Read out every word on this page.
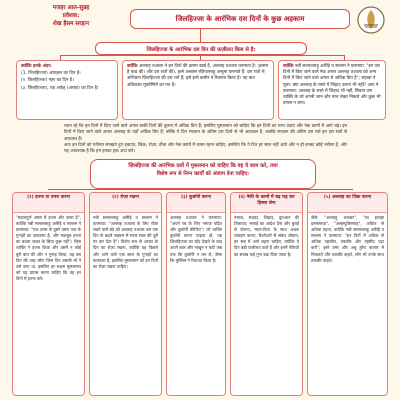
मजहर आल-सुन्नह
प्रवेशक:
शेख हैसम सरहान
जिलहिज्जा के आरंभिक दस दिनों के कुछ अहकाम
जिलहिज्जा के आरंभिक दस दिन की फ़ज़ीलत किस से है:

क्योंकि इनके अंदर:

(1. जिलहिज्जा) अफ़ज़ल का दिन है।

(२. जिलहिज्जा) नहर का दिन है।

(३. जिलहिज्जा), यह अर्फ़ह (अरफ़ा) का दिन है।

क्योंकि अल्लाह तआला ने इन दिनों की क़सम खाई है, अल्लाह तआला फ़रमाता है: (क़सम है फ़ज्र की। और दस रातों की), इब्ने अब्बास रज़ियल्लाहु अन्हुमा फ़रमाते हैं: दस रातों से अभिप्राय ज़िलहिज्जा की दस रातें हैं; इसे इब्ने कसीर ने रिवायत किया है। यह बात अधिकांश मुफ़स्सिरों का मत है।

क्योंकि नबी सल्लल्लाहु अलैहि व सल्लम ने फ़रमाया: "इन दस दिनों में किए जाने वाले नेक अमल अल्लाह तआला को अन्य दिनों में किए जाने वाले अमल से अधिक प्रिय है"; सहाबा ने पूछा: क्या अल्लाह के रास्ते में जिहाद करना भी नहीं? आप ने फ़रमाया: अल्लाह के रास्ते में जिहाद भी नहीं, सिवाय उस व्यक्ति के जो अपनी जान और माल लेकर निकले और कुछ भी वापस न लाए।

ध्यान रहे कि इन दिनों में किए जाने वाले अमल बाकी दिनों की तुलना में अधिक प्रिय हैं; इसलिए मुसलमान को चाहिए कि इन दिनों का लाभ उठाए और नेक कामों में आगे बढ़े। इन दिनों में किए जाने वाले अमल अल्लाह के यहाँ अधिक प्रिय हैं; बल्कि ये दिन रमज़ान के अंतिम दस दिनों से भी अफ़ज़ल हैं, जबकि रमज़ान की अंतिम दस रातें इन दस रातों से अफ़ज़ल हैं।
अतः इन दिनों को ग़नीमत समझते हुए इबादत, ज़िक्र, रोज़ा, तौबा और नेक कामों में व्यस्त रहना चाहिए, इसलिए कि ये दिन हर साल नहीं आते और न ही इनका कोई भरोसा है, और यह आवश्यक है कि हम इनका हक़ अदा करें।
ज़िलहिज्जा की आरंभिक दसों में मुसलमान को चाहिए कि वह ये काम करे, तथा
विशेष रूप से निम्न कार्यों को अंजाम देना चाहिए:
(१) हज्ज या उमरा करना
"महत्वपूर्ण अमल में हज्ज और उमरा है", क्योंकि नबी सल्लल्लाहु अलैहि व सल्लम ने फ़रमाया: "एक उमरा से दूसरे उमरा तक के गुनाहों का कफ़्फ़ारा है, और मक़बूल हज्ज का बदला जन्नत के सिवा कुछ नहीं"। जिस व्यक्ति ने हज्ज किया और उसमें न कोई बुरी बात की और न गुनाह किया, वह उस दिन की तरह लौटा जिस दिन उसकी माँ ने उसे जना था, इसलिए हर सक्षम मुसलमान को यह प्रयास करना चाहिए कि वह इन दिनों में हज्ज करे।
(२) रोज़ा रखना
नबी सल्लल्लाहु अलैहि व सल्लम ने फ़रमाया: "अल्लाह तआला के लिए रोज़ा रखने वाले बंदे को अल्लाह तआला उस एक दिन के बदले जहन्नम से सत्तर साल की दूरी पर कर देता है"। विशेष रूप से अरफ़ा के दिन का रोज़ा रखना, क्योंकि यह पिछले और आने वाले एक साल के गुनाहों का कफ़्फ़ारा है, इसलिए मुसलमान को इन दिनों का रोज़ा रखना चाहिए।
(३) क़ुर्बानी करना
अल्लाह तआला ने फ़रमाया: "अपने रब के लिए नमाज़ पढ़िए और क़ुर्बानी कीजिए"। जो व्यक्ति क़ुर्बानी करना चाहता हो, वह ज़िलहिज्जा का चाँद देखने के बाद अपने बाल और नाख़ून न काटे जब तक कि क़ुर्बानी न कर ले, जैसा कि मुस्लिम ने रिवायत किया है।
(४) नेकी के कामों में बढ़ चढ़ कर हिस्सा लेना
नमाज़, सदक़ा, जिहाद, क़ुरआन की तिलावत, भलाई का आदेश देना और बुराई से रोकना, माता-पिता के साथ अच्छा व्यवहार करना, रिश्तेदारों से संबंध जोड़ना, इन सब में आगे बढ़ना चाहिए, क्योंकि ये दिन बड़ी फ़ज़ीलत वाले हैं और इनमें नेकियों का सवाब कई गुना बढ़ा दिया जाता है।
(५) अल्लाह का ज़िक्र करना
जैसे: "अल्लाहु अकबर", "ला इलाहा इल्लल्लाह", "अल्हम्दुलिल्लाह", अधिक से अधिक पढ़ना, क्योंकि नबी सल्लल्लाहु अलैहि व सल्लम ने फ़रमाया: "इन दिनों में अधिक से अधिक तहलील, तकबीर और तहमीद पढ़ा करो"; इब्ने उमर और अबू हुरैरा बाज़ार में निकलते और तकबीर कहते, लोग भी उनके साथ तकबीर कहते।
